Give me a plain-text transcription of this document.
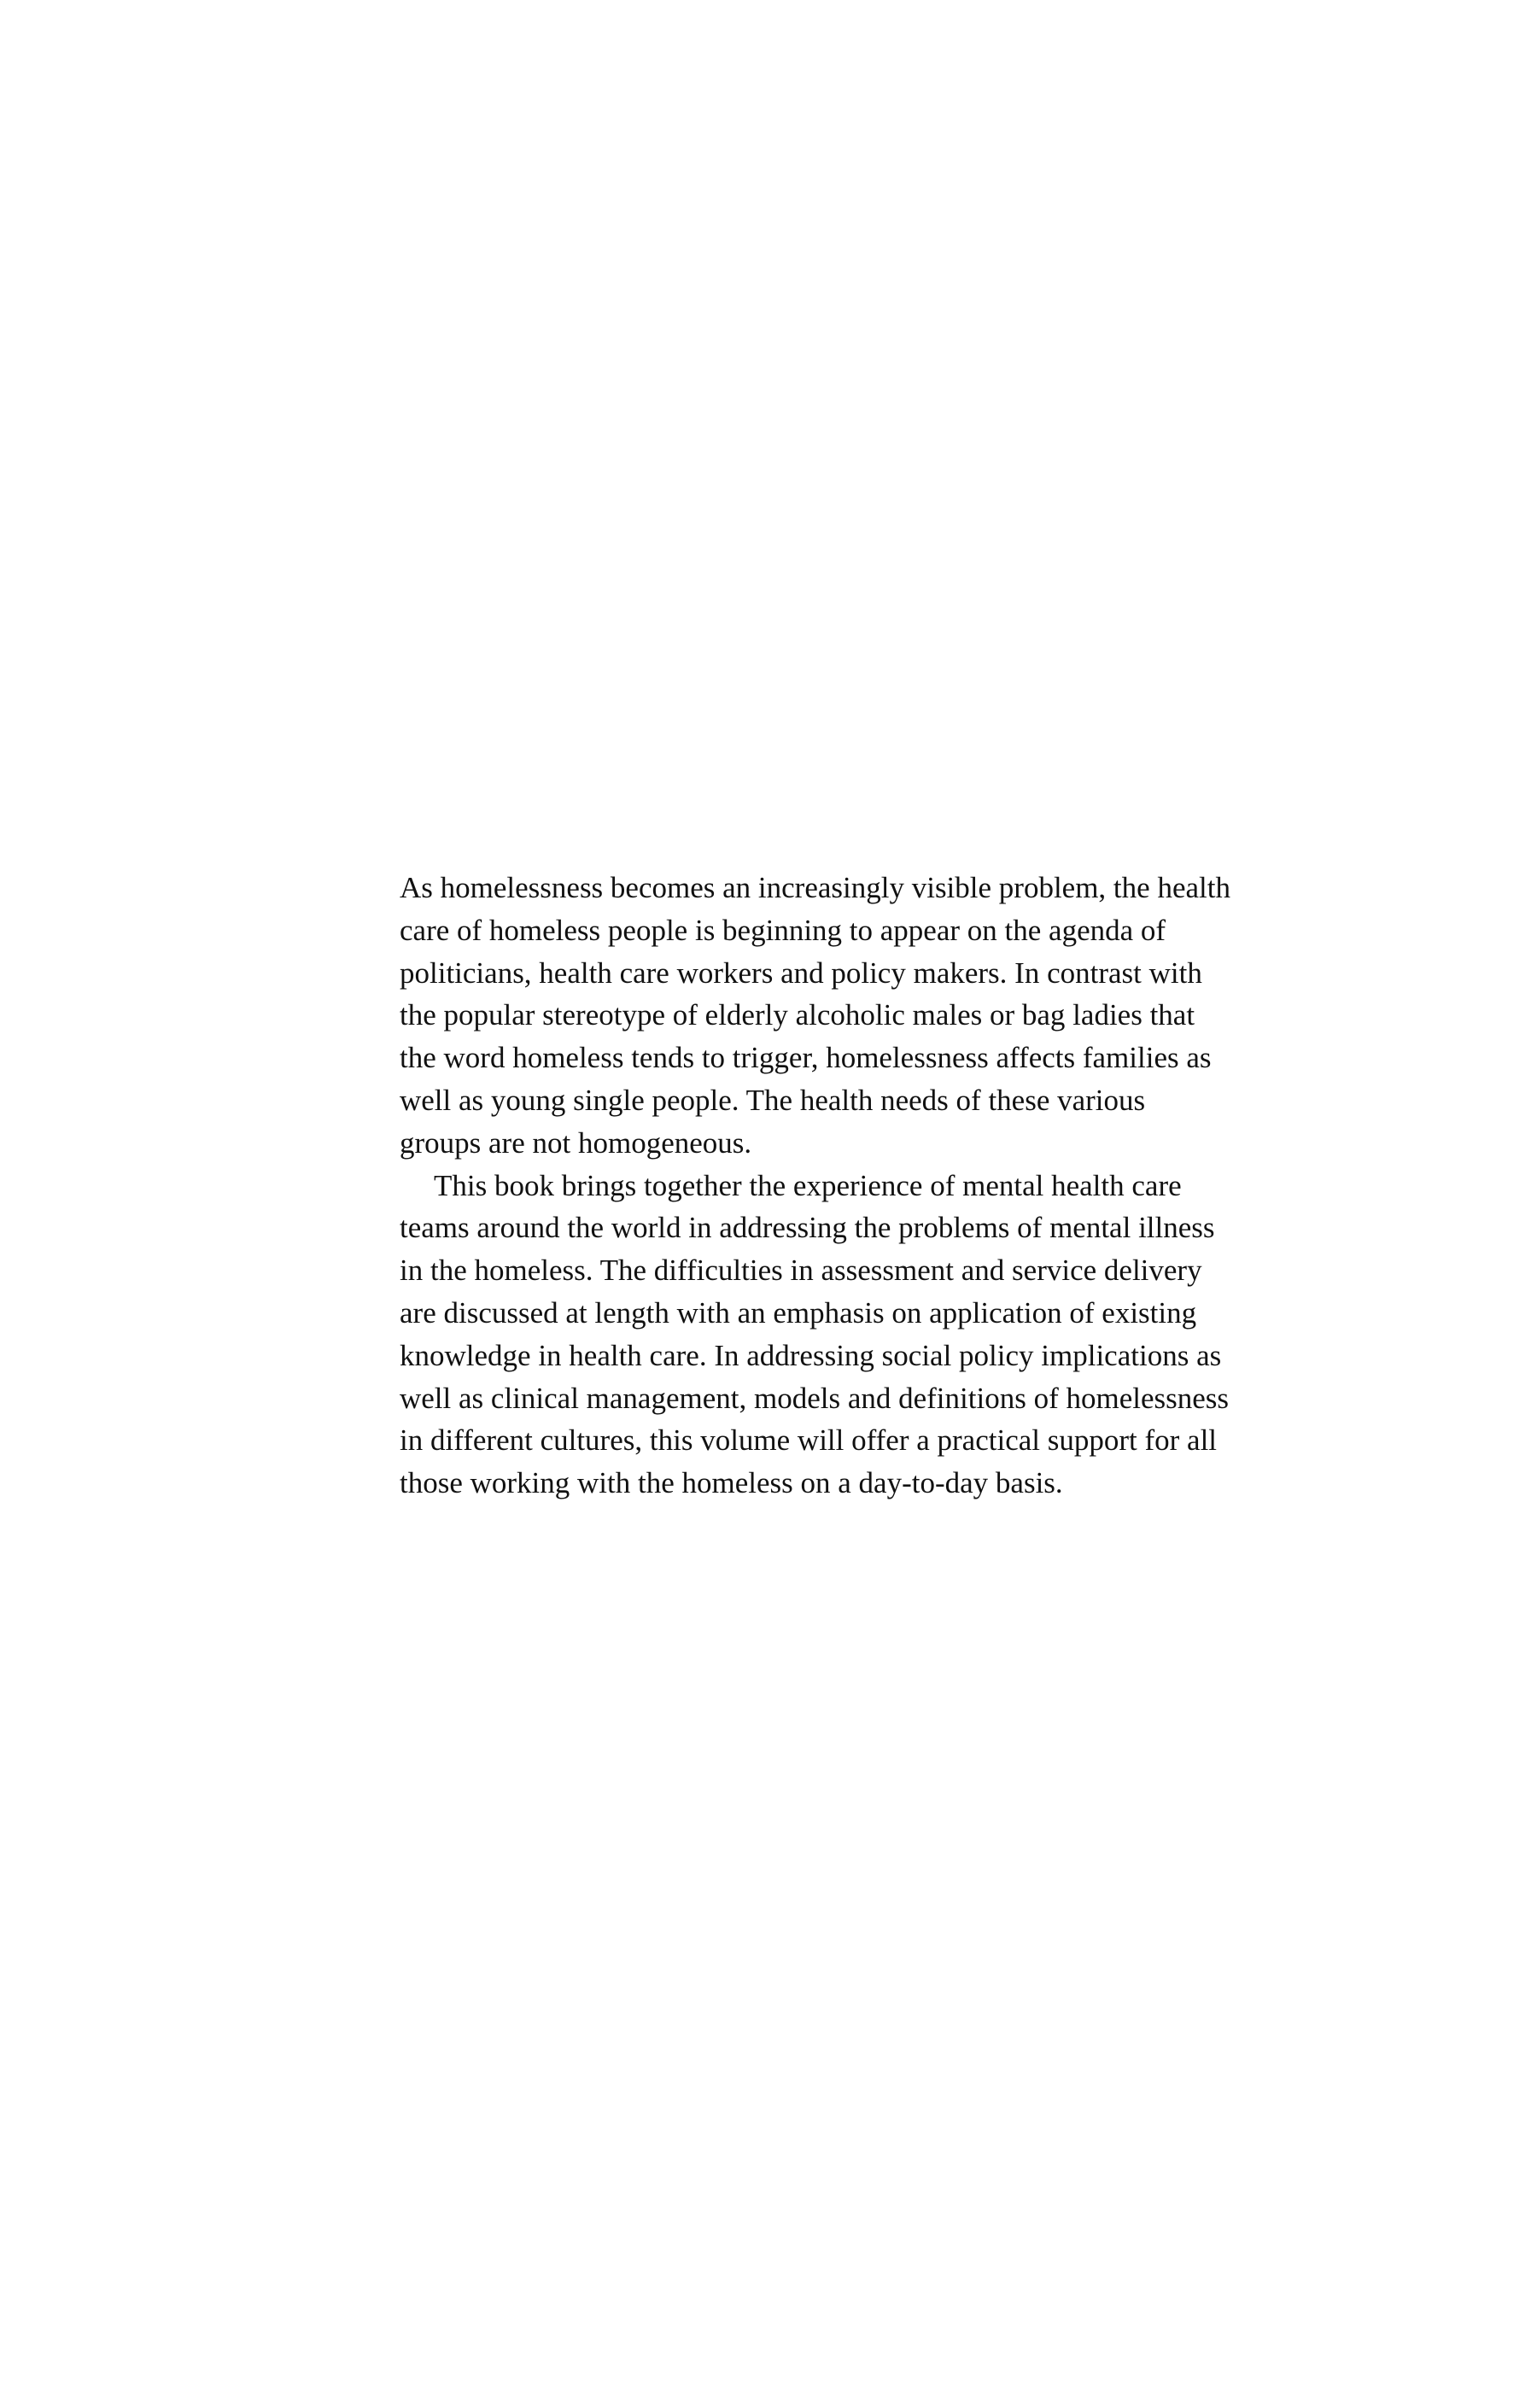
As homelessness becomes an increasingly visible problem, the health
care of homeless people is beginning to appear on the agenda of
politicians, health care workers and policy makers. In contrast with
the popular stereotype of elderly alcoholic males or bag ladies that
the word homeless tends to trigger, homelessness affects families as
well as young single people. The health needs of these various
groups are not homogeneous.

This book brings together the experience of mental health care
teams around the world in addressing the problems of mental illness
in the homeless. The difficulties in assessment and service delivery
are discussed at length with an emphasis on application of existing
knowledge in health care. In addressing social policy implications as
well as clinical management, models and definitions of homelessness
in different cultures, this volume will offer a practical support for all
those working with the homeless on a day-to-day basis.
